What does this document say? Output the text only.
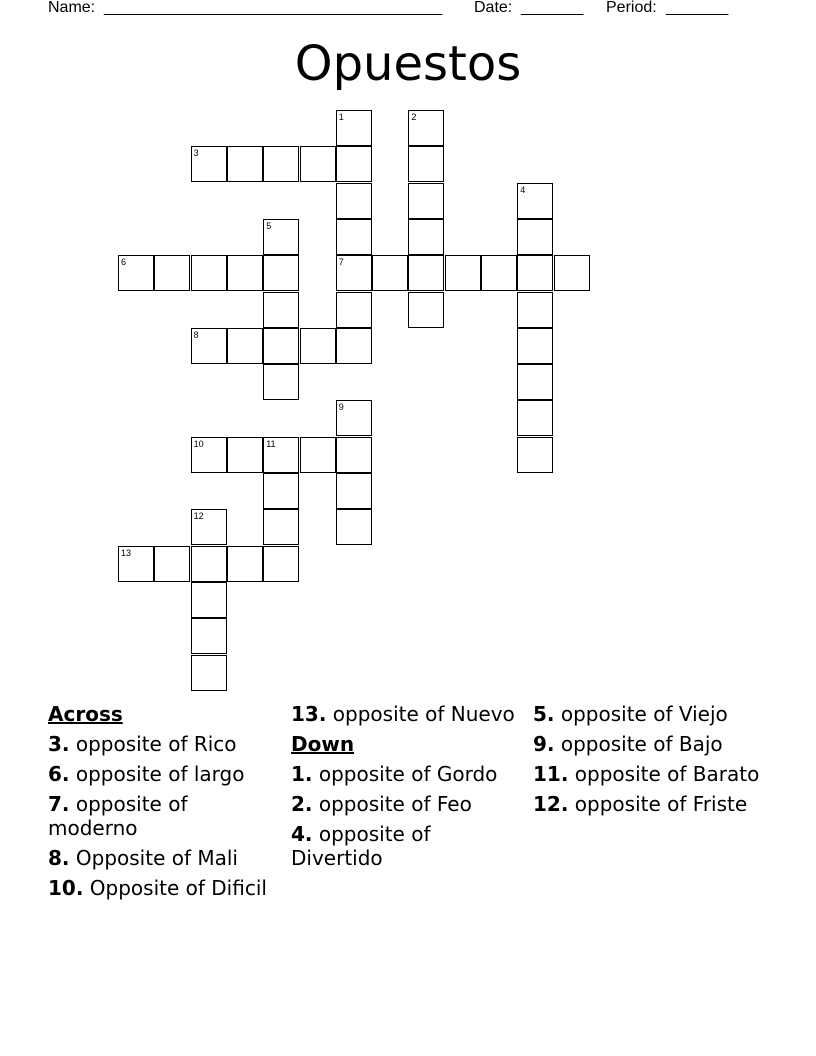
Name: ______________________________________ Date: _______ Period: _______
Opuestos
1
7
2
3
4
5
6
8
9
10	11
12
13
Across
3. opposite of Rico
6. opposite of largo
7. opposite of moderno
8. Opposite of Mali
10. Opposite of Dificil
13. opposite of Nuevo
Down
1. opposite of Gordo
2. opposite of Feo
4. opposite of Divertido
5. opposite of Viejo
9. opposite of Bajo
11. opposite of Barato
12. opposite of Friste
